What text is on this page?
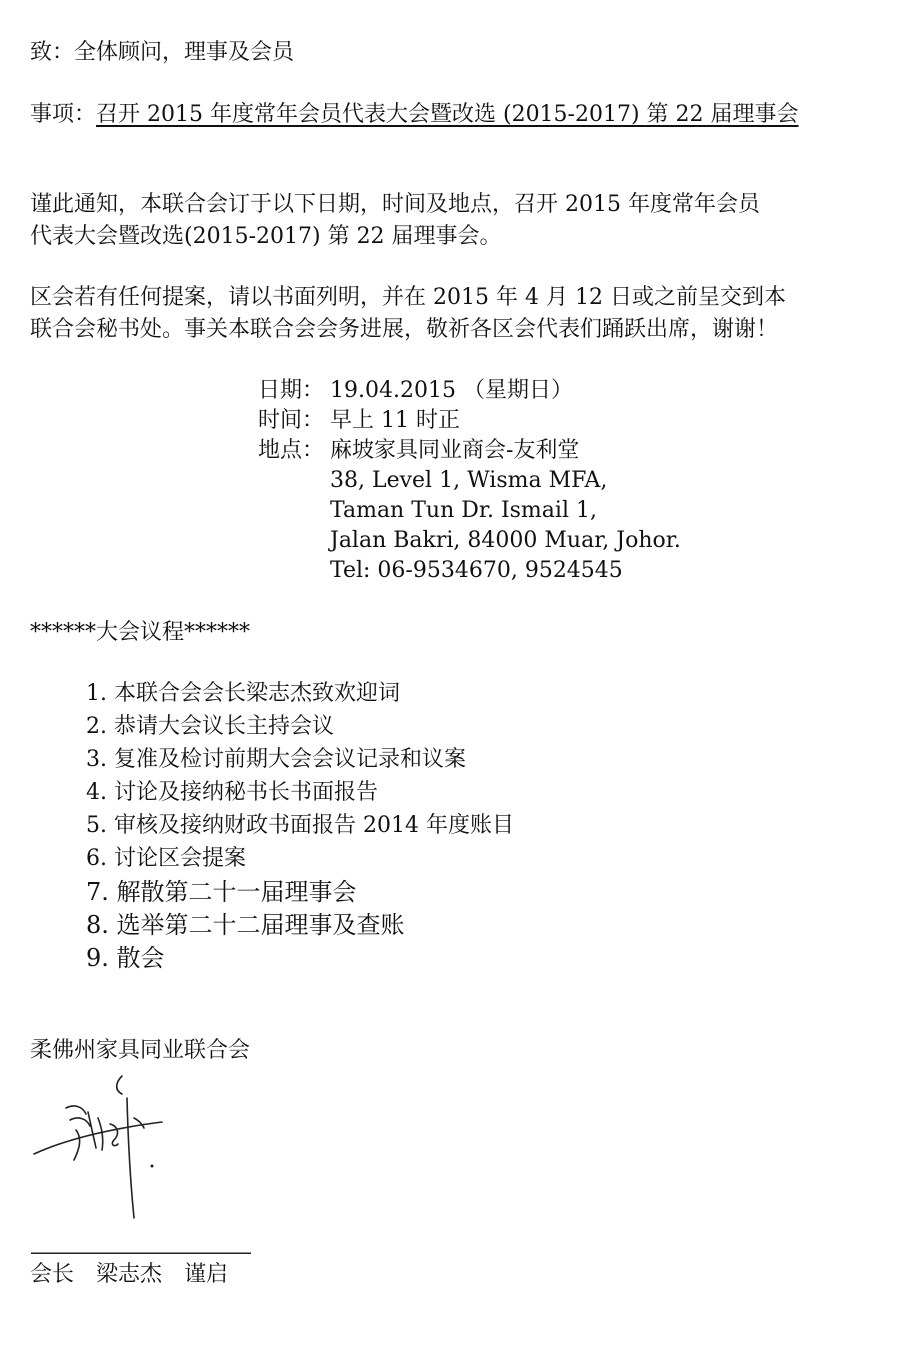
致：全体顾问，理事及会员
事项：召开 2015 年度常年会员代表大会暨改选 (2015-2017) 第 22 届理事会
谨此通知，本联合会订于以下日期，时间及地点，召开 2015 年度常年会员
代表大会暨改选(2015-2017) 第 22 届理事会。
区会若有任何提案，请以书面列明，并在 2015 年 4 月 12 日或之前呈交到本
联合会秘书处。事关本联合会会务进展，敬祈各区会代表们踊跃出席，谢谢！
日期： 19.04.2015 （星期日）
时间： 早上 11 时正
地点： 麻坡家具同业商会-友利堂
38, Level 1, Wisma MFA,
Taman Tun Dr. Ismail 1,
Jalan Bakri, 84000 Muar, Johor.
Tel: 06-9534670, 9524545
******大会议程******
1. 本联合会会长梁志杰致欢迎词
2. 恭请大会议长主持会议
3. 复准及检讨前期大会会议记录和议案
4. 讨论及接纳秘书长书面报告
5. 审核及接纳财政书面报告 2014 年度账目
6. 讨论区会提案
7. 解散第二十一届理事会
8. 选举第二十二届理事及查账
9. 散会
柔佛州家具同业联合会
———————————
会长 梁志杰 谨启
